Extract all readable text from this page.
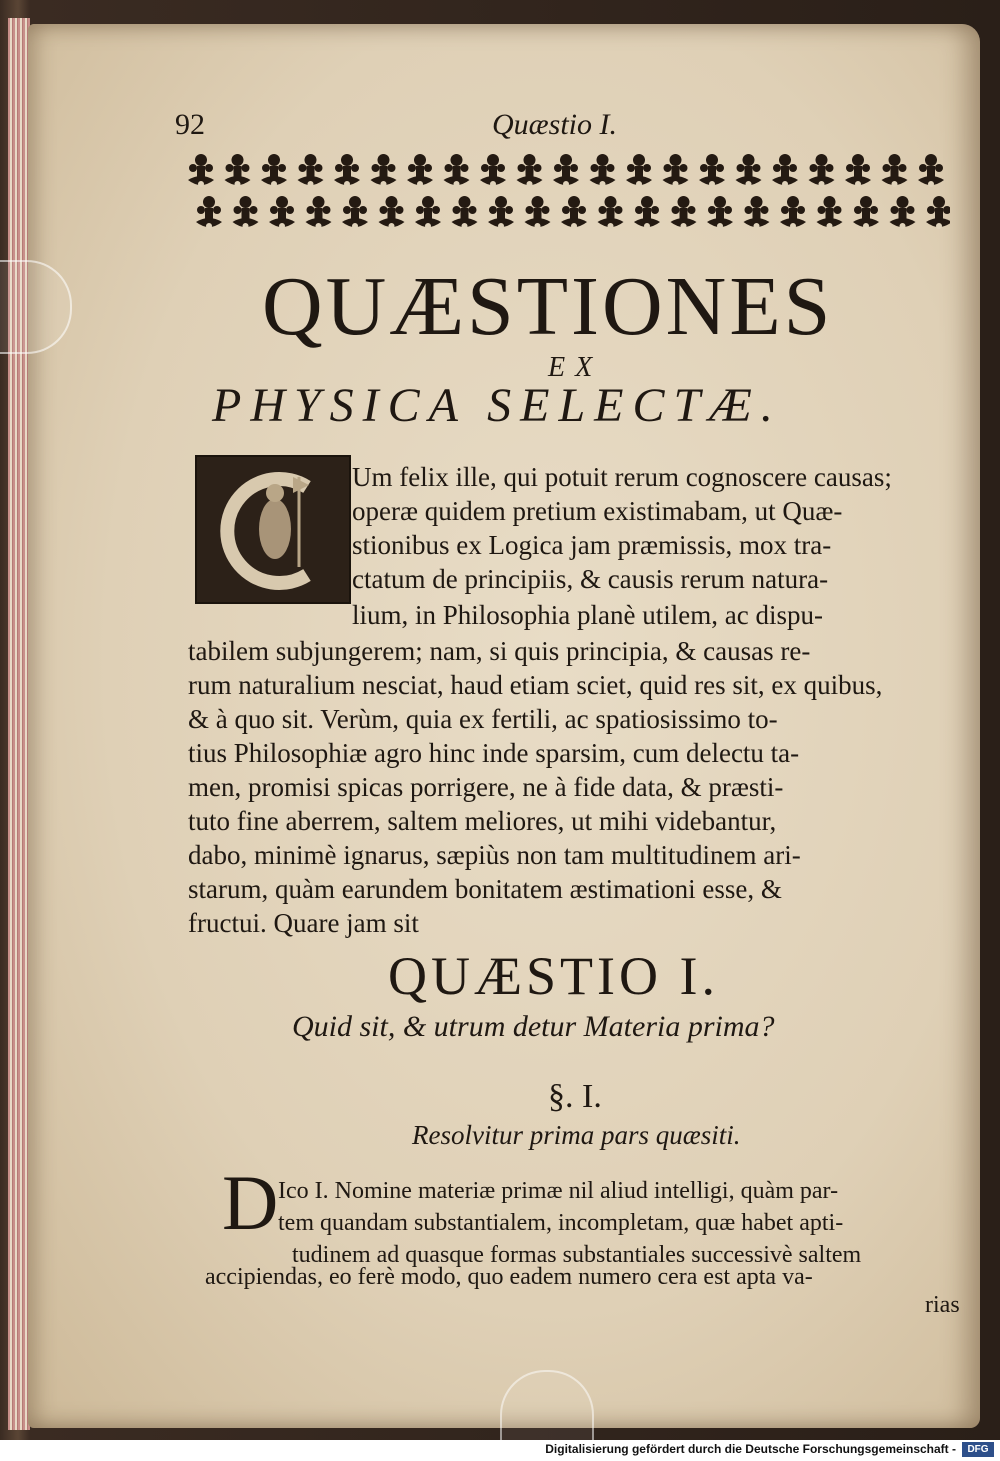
92	Quæstio I.
QUÆSTIONES
EX
PHYSICA SELECTÆ.
Um felix ille, qui potuit rerum cognoscere causas;
operæ quidem pretium existimabam, ut Quæ-
stionibus ex Logica jam præmissis, mox tra-
ctatum de principiis, & causis rerum natura-
lium, in Philosophia planè utilem, ac dispu-
tabilem subjungerem; nam, si quis principia, & causas re-
rum naturalium nesciat, haud etiam sciet, quid res sit, ex quibus,
& à quo sit. Verùm, quia ex fertili, ac spatiosissimo to-
tius Philosophiæ agro hinc inde sparsim, cum delectu ta-
men, promisi spicas porrigere, ne à fide data, & præsti-
tuto fine aberrem, saltem meliores, ut mihi videbantur,
dabo, minimè ignarus, sæpiùs non tam multitudinem ari-
starum, quàm earundem bonitatem æstimationi esse, &
fructui. Quare jam sit
QUÆSTIO I.
Quid sit, & utrum detur Materia prima?
§. I.
Resolvitur prima pars quæsiti.
D Ico I. Nomine materiæ primæ nil aliud intelligi, quàm par-
tem quandam substantialem, incompletam, quæ habet apti-
tudinem ad quasque formas substantiales successivè saltem
accipiendas, eo ferè modo, quo eadem numero cera est apta va-
rias
Digitalisierung gefördert durch die Deutsche Forschungsgemeinschaft -	DFG
